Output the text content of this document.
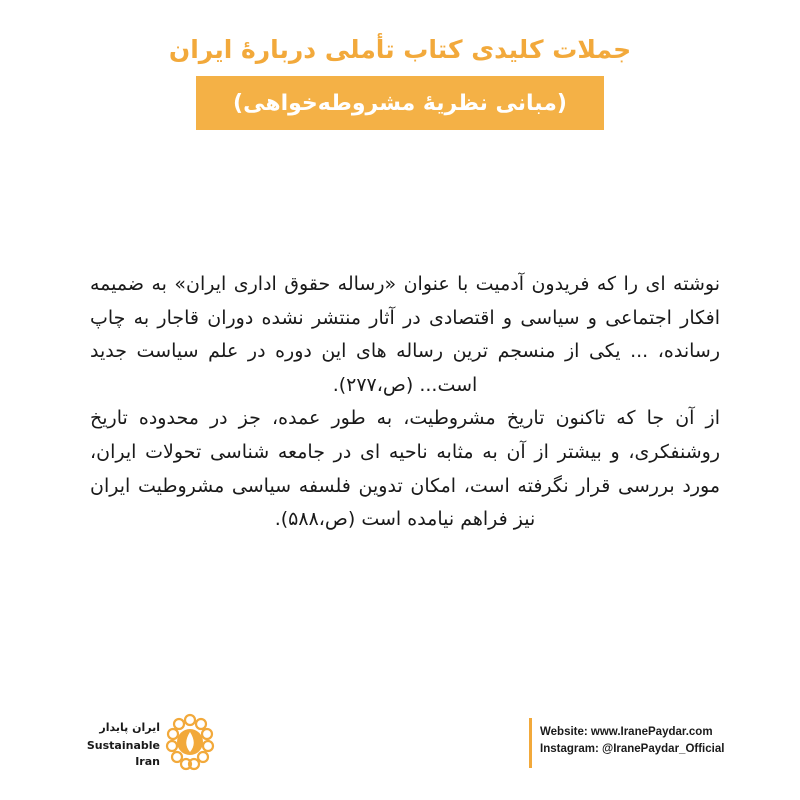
جملات کلیدی کتاب تأملی دربارهٔ ایران
(مبانی نظریهٔ مشروطه‌خواهی)

نوشته ای را که فریدون آدمیت با عنوان «رساله حقوق اداری ایران» به ضمیمه افکار اجتماعی و سیاسی و اقتصادی در آثار منتشر نشده دوران قاجار به چاپ رسانده، ... یکی از منسجم ترین رساله های این دوره در علم سیاست جدید است... (ص،۲۷۷).

از آن جا که تاکنون تاریخ مشروطیت، به طور عمده، جز در محدوده تاریخ روشنفکری، و بیشتر از آن به مثابه ناحیه ای در جامعه شناسی تحولات ایران، مورد بررسی قرار نگرفته است، امکان تدوین فلسفه سیاسی مشروطیت ایران نیز فراهم نیامده است (ص،۵۸۸).

ایران پایدار
Sustainable Iran
Website: www.IranePaydar.com
Instagram: @IranePaydar_Official
